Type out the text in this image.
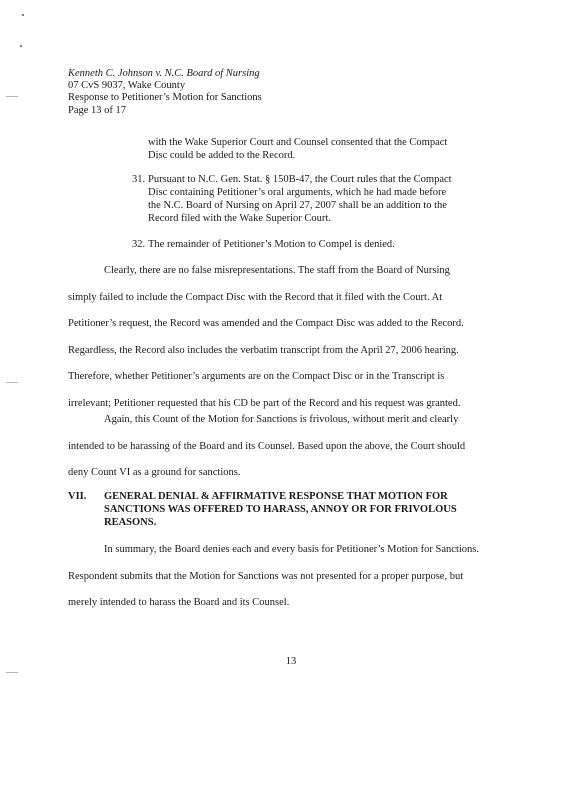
Kenneth C. Johnson v. N.C. Board of Nursing
07 CvS 9037, Wake County
Response to Petitioner’s Motion for Sanctions
Page 13 of 17
with the Wake Superior Court and Counsel consented that the Compact
Disc could be added to the Record.
31. Pursuant to N.C. Gen. Stat. § 150B-47, the Court rules that the Compact
Disc containing Petitioner’s oral arguments, which he had made before
the N.C. Board of Nursing on April 27, 2007 shall be an addition to the
Record filed with the Wake Superior Court.
32. The remainder of Petitioner’s Motion to Compel is denied.
Clearly, there are no false misrepresentations. The staff from the Board of Nursing
simply failed to include the Compact Disc with the Record that it filed with the Court. At
Petitioner’s request, the Record was amended and the Compact Disc was added to the Record.
Regardless, the Record also includes the verbatim transcript from the April 27, 2006 hearing.
Therefore, whether Petitioner’s arguments are on the Compact Disc or in the Transcript is
irrelevant; Petitioner requested that his CD be part of the Record and his request was granted.
Again, this Count of the Motion for Sanctions is frivolous, without merit and clearly
intended to be harassing of the Board and its Counsel. Based upon the above, the Court should
deny Count VI as a ground for sanctions.
VII. GENERAL DENIAL & AFFIRMATIVE RESPONSE THAT MOTION FOR
SANCTIONS WAS OFFERED TO HARASS, ANNOY OR FOR FRIVOLOUS
REASONS.
In summary, the Board denies each and every basis for Petitioner’s Motion for Sanctions.
Respondent submits that the Motion for Sanctions was not presented for a proper purpose, but
merely intended to harass the Board and its Counsel.
13
